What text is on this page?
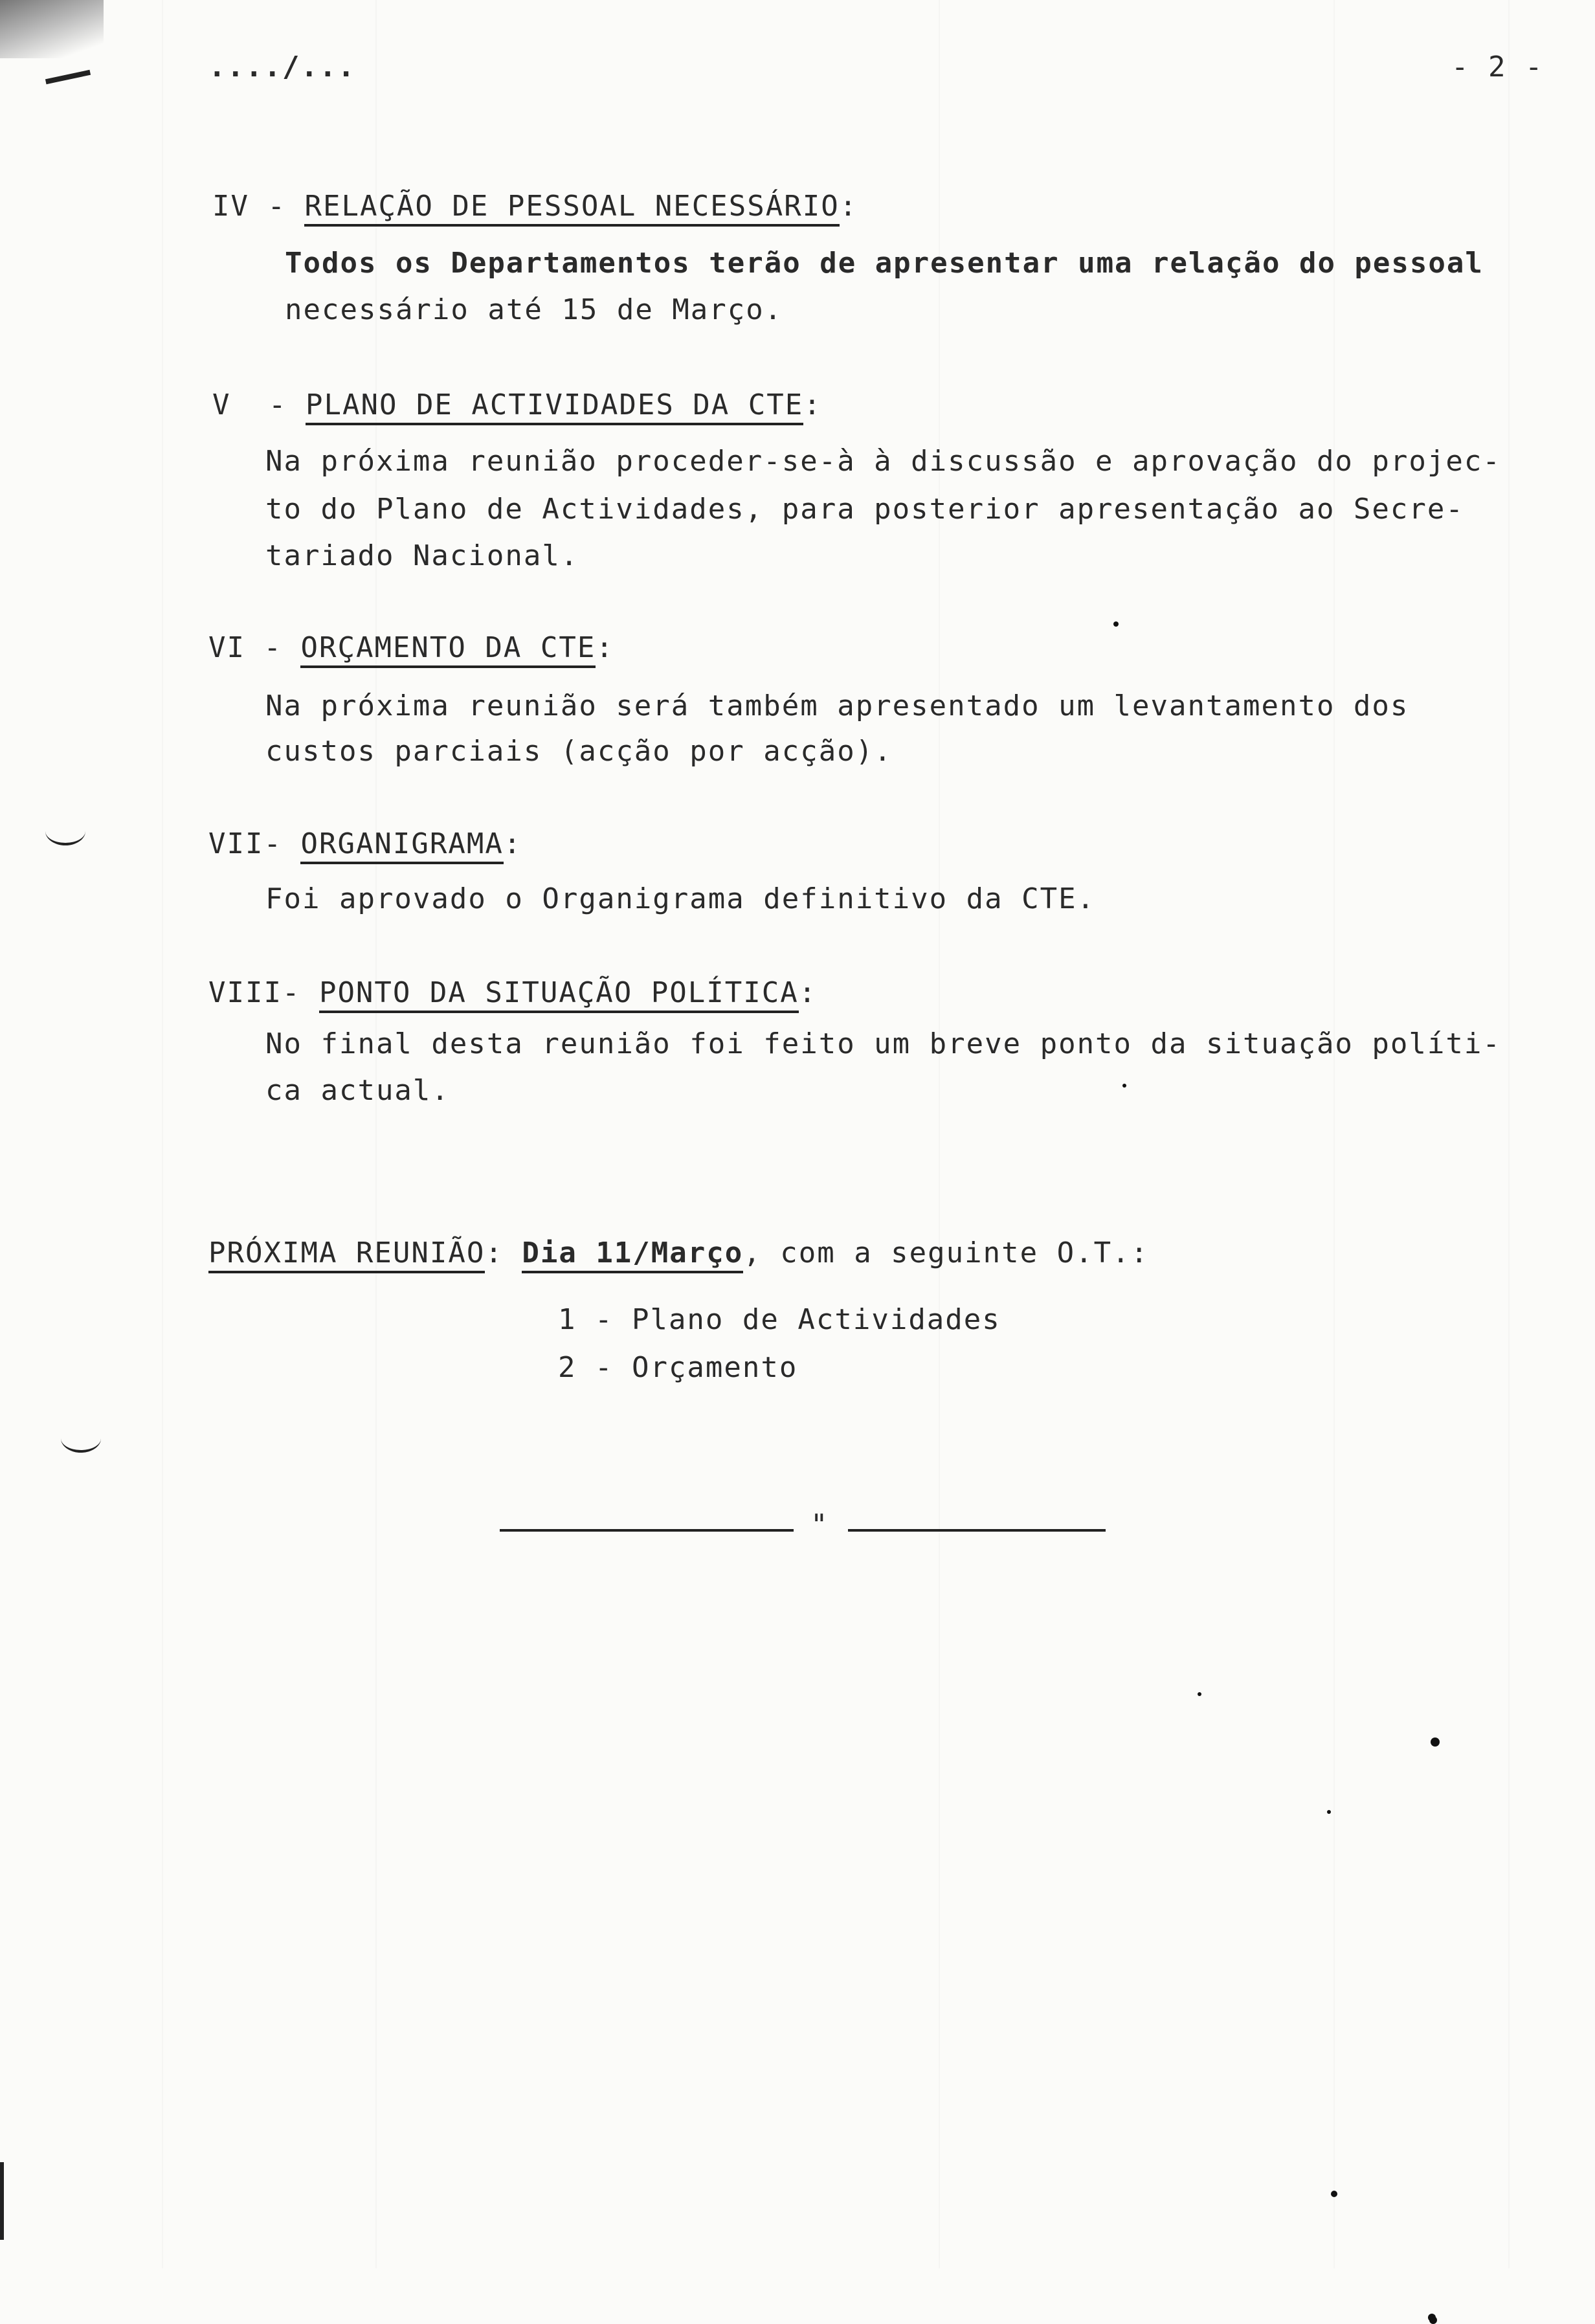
..../...	- 2 -
IV - RELAÇÃO DE PESSOAL NECESSÁRIO:
Todos os Departamentos terão de apresentar uma relação do pessoal
necessário até 15 de Março.
V - PLANO DE ACTIVIDADES DA CTE:
Na próxima reunião proceder-se-à à discussão e aprovação do projec-
to do Plano de Actividades, para posterior apresentação ao Secre-
tariado Nacional.
VI - ORÇAMENTO DA CTE:
Na próxima reunião será também apresentado um levantamento dos
custos parciais (acção por acção).
VII- ORGANIGRAMA:
Foi aprovado o Organigrama definitivo da CTE.
VIII- PONTO DA SITUAÇÃO POLÍTICA:
No final desta reunião foi feito um breve ponto da situação políti-
ca actual.
PRÓXIMA REUNIÃO: Dia 11/Março, com a seguinte O.T.:
1 - Plano de Actividades
2 - Orçamento
"
